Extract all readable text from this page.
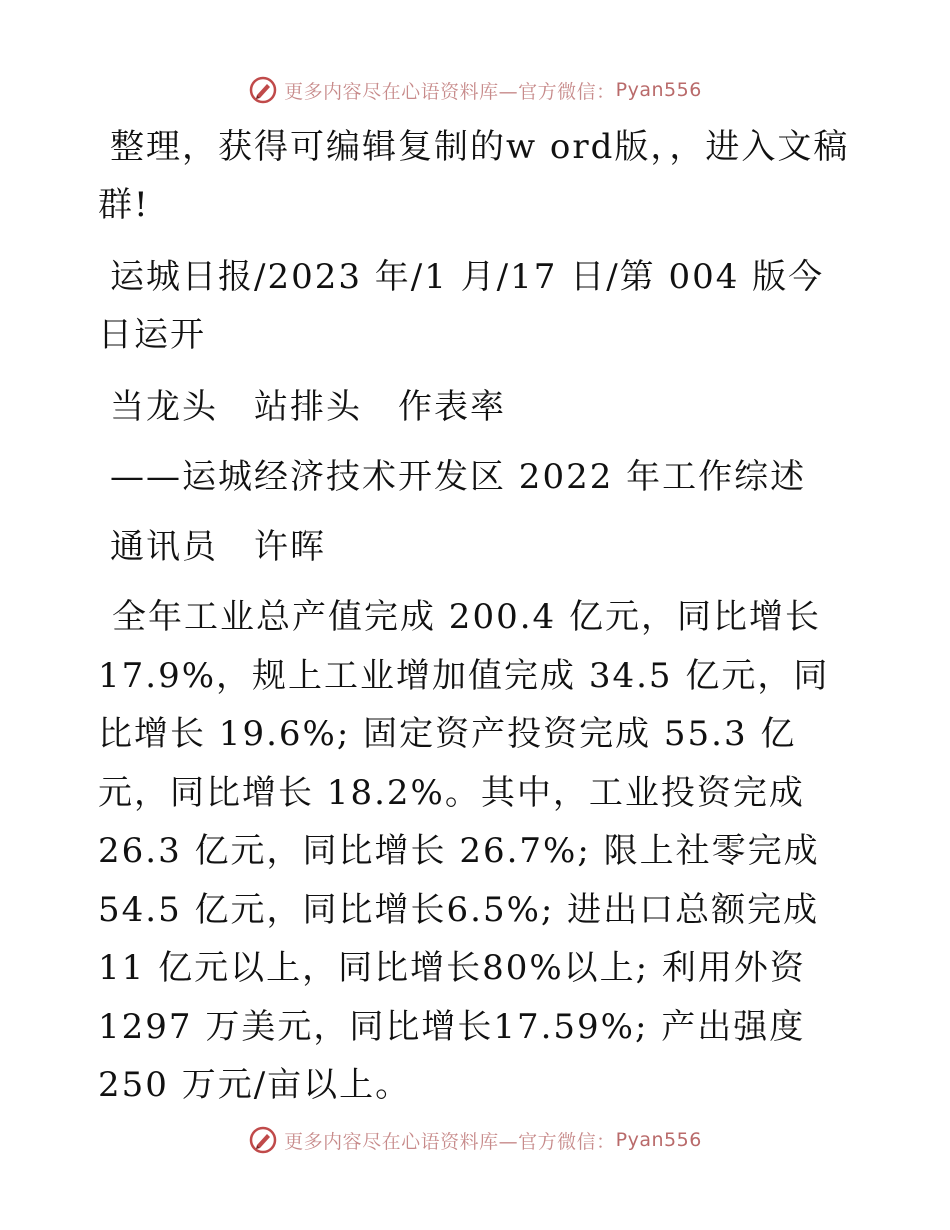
更多内容尽在心语资料库—官方微信： Pyan556

整理，获得可编辑复制的w ord版，，进入文稿群!

运城日报/2023 年/1 月/17 日/第 004 版今日运开

当龙头　站排头　作表率

——运城经济技术开发区 2022 年工作综述

通讯员　许晖

全年工业总产值完成 200.4 亿元，同比增长17.9%，规上工业增加值完成 34.5 亿元，同比增长 19.6%; 固定资产投资完成 55.3 亿元，同比增长 18.2%。其中，工业投资完成 26.3 亿元，同比增长 26.7%; 限上社零完成 54.5 亿元，同比增长6.5%; 进出口总额完成 11 亿元以上，同比增长80%以上; 利用外资 1297 万美元，同比增长17.59%; 产出强度 250 万元/亩以上。

更多内容尽在心语资料库—官方微信： Pyan556
